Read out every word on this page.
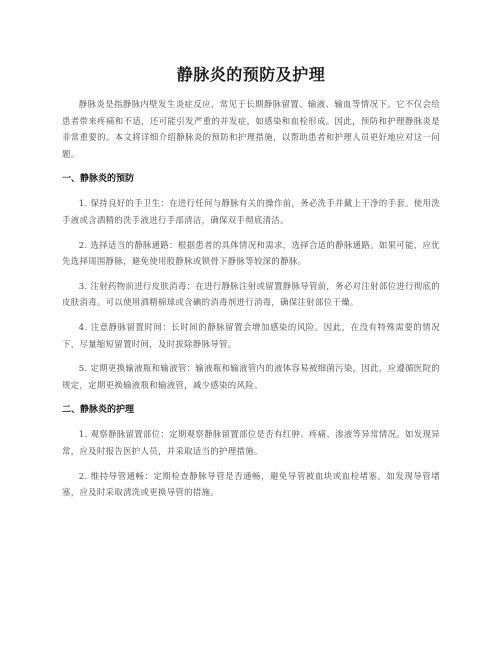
静脉炎的预防及护理

静脉炎是指静脉内壁发生炎症反应，常见于长期静脉留置、输液、输血等情况下。它不仅会给患者带来疼痛和不适，还可能引发严重的并发症，如感染和血栓形成。因此，预防和护理静脉炎是非常重要的。本文将详细介绍静脉炎的预防和护理措施，以帮助患者和护理人员更好地应对这一问题。

一、静脉炎的预防

1. 保持良好的手卫生：在进行任何与静脉有关的操作前，务必洗手并戴上干净的手套。使用洗手液或含酒精的洗手液进行手部清洁，确保双手彻底清洁。

2. 选择适当的静脉通路：根据患者的具体情况和需求，选择合适的静脉通路。如果可能，应优先选择周围静脉，避免使用股静脉或锁骨下静脉等较深的静脉。

3. 注射药物前进行皮肤消毒：在进行静脉注射或留置静脉导管前，务必对注射部位进行彻底的皮肤消毒。可以使用酒精棉球或含碘的消毒剂进行消毒，确保注射部位干燥。

4. 注意静脉留置时间：长时间的静脉留置会增加感染的风险。因此，在没有特殊需要的情况下，尽量缩短留置时间，及时拔除静脉导管。

5. 定期更换输液瓶和输液管：输液瓶和输液管内的液体容易被细菌污染，因此，应遵循医院的规定，定期更换输液瓶和输液管，减少感染的风险。

二、静脉炎的护理

1. 观察静脉留置部位：定期观察静脉留置部位是否有红肿、疼痛、渗液等异常情况。如发现异常，应及时报告医护人员，并采取适当的护理措施。

2. 维持导管通畅：定期检查静脉导管是否通畅，避免导管被血块或血栓堵塞。如发现导管堵塞，应及时采取清洗或更换导管的措施。
